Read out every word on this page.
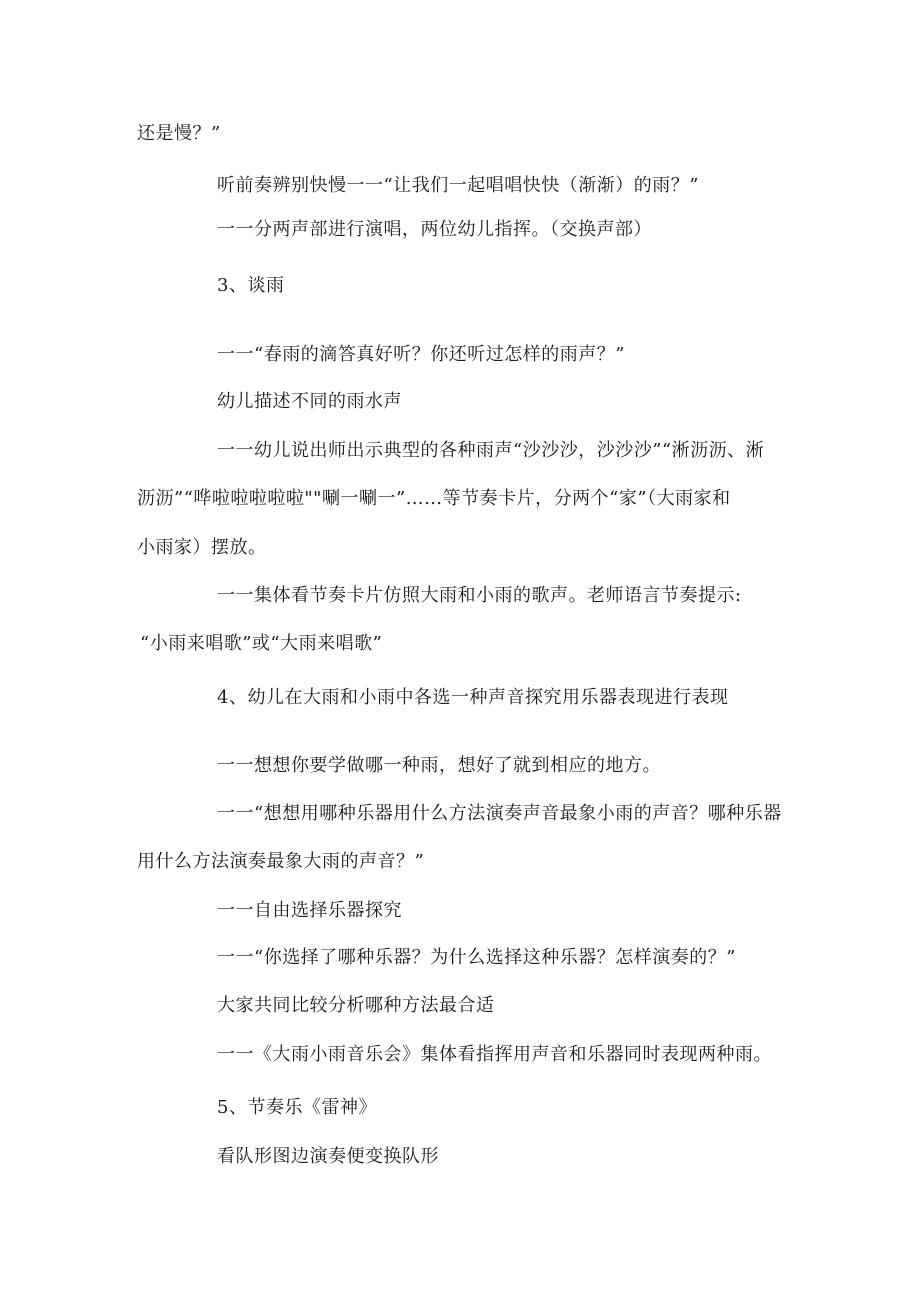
还是慢？”
听前奏辨别快慢一一“让我们一起唱唱快快（渐渐）的雨？”
一一分两声部进行演唱，两位幼儿指挥。（交换声部）
3、谈雨
一一“春雨的滴答真好听？你还听过怎样的雨声？”
幼儿描述不同的雨水声
一一幼儿说出师出示典型的各种雨声“沙沙沙，沙沙沙”“淅沥沥、淅
沥沥”“哗啦啦啦啦啦""唰一唰一”……等节奏卡片，分两个“家”（大雨家和
小雨家）摆放。
一一集体看节奏卡片仿照大雨和小雨的歌声。老师语言节奏提示:
“小雨来唱歌”或“大雨来唱歌”
4、幼儿在大雨和小雨中各选一种声音探究用乐器表现进行表现
一一想想你要学做哪一种雨，想好了就到相应的地方。
一一“想想用哪种乐器用什么方法演奏声音最象小雨的声音？哪种乐器
用什么方法演奏最象大雨的声音？”
一一自由选择乐器探究
一一“你选择了哪种乐器？为什么选择这种乐器？怎样演奏的？”
大家共同比较分析哪种方法最合适
一一《大雨小雨音乐会》集体看指挥用声音和乐器同时表现两种雨。
5、节奏乐《雷神》
看队形图边演奏便变换队形
